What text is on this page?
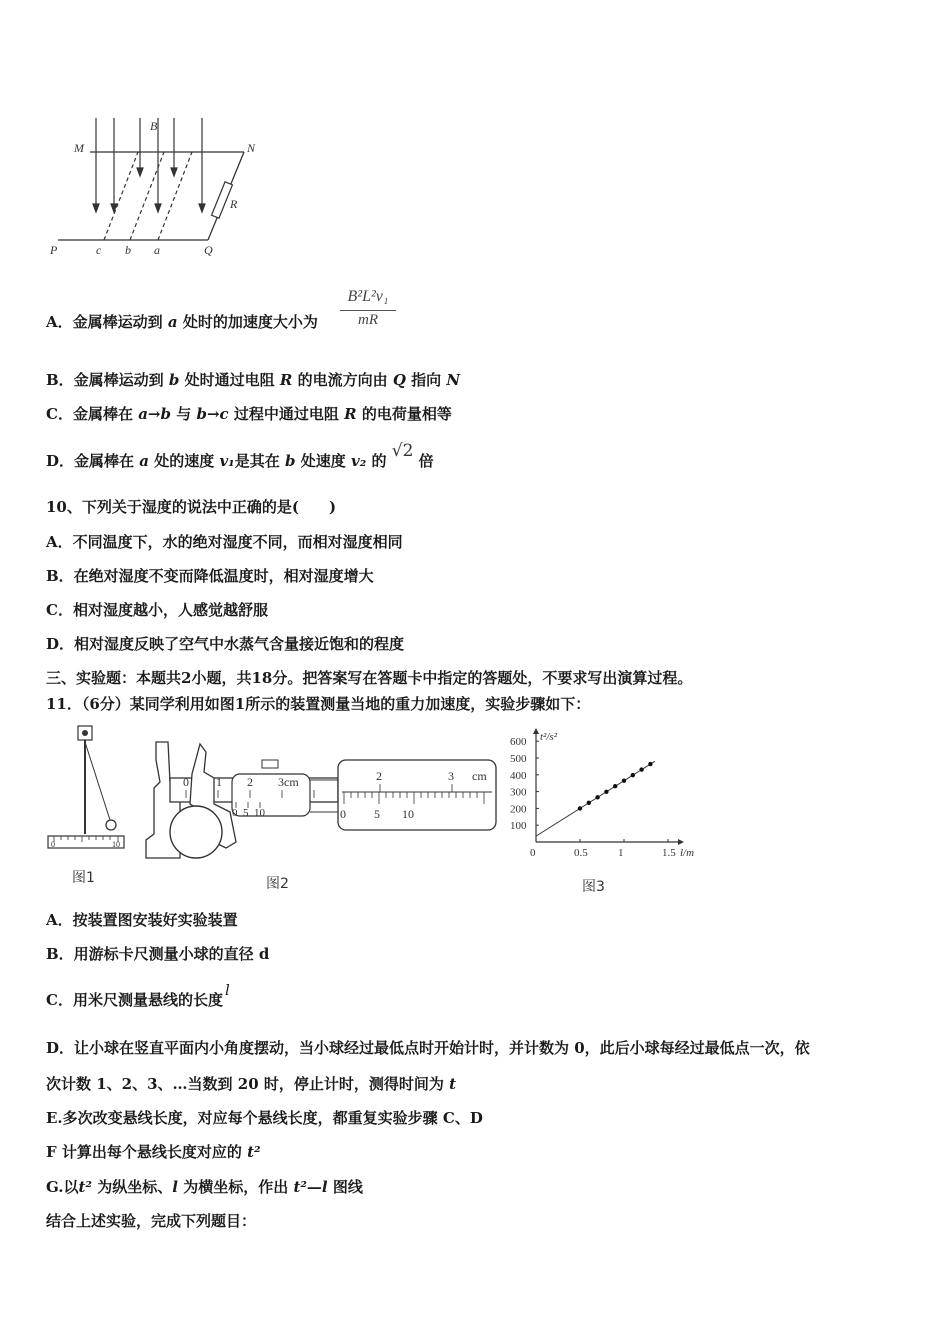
M	N
B
R
P	c b a	Q
A．金属棒运动到 a 处时的加速度大小为
B²L²v₁
mR
B．金属棒运动到 b 处时通过电阻 R 的电流方向由 Q 指向 N
C．金属棒在 a→b 与 b→c 过程中通过电阻 R 的电荷量相等
D．金属棒在 a 处的速度 v₁是其在 b 处速度 v₂ 的 √2 倍
10、下列关于湿度的说法中正确的是(　　)
A．不同温度下，水的绝对湿度不同，而相对湿度相同
B．在绝对湿度不变而降低温度时，相对湿度增大
C．相对湿度越小，人感觉越舒服
D．相对湿度反映了空气中水蒸气含量接近饱和的程度
三、实验题：本题共2小题，共18分。把答案写在答题卡中指定的答题处，不要求写出演算过程。
11．（6分）某同学利用如图1所示的装置测量当地的重力加速度，实验步骤如下：
0	10
图1
0 1 2 3cm
0 5 10
2	3 cm
0 5 10
图2
t²/s²
l/m
0	0.5	1	1.5
100
200
300
400
500
600
图3
A．按装置图安装好实验装置
B．用游标卡尺测量小球的直径 d
C．用米尺测量悬线的长度l
D．让小球在竖直平面内小角度摆动，当小球经过最低点时开始计时，并计数为 0，此后小球每经过最低点一次，依
次计数 1、2、3、…当数到 20 时，停止计时，测得时间为 t
E.多次改变悬线长度，对应每个悬线长度，都重复实验步骤 C、D
F 计算出每个悬线长度对应的 t²
G.以t² 为纵坐标、l 为横坐标，作出 t²—l 图线
结合上述实验，完成下列题目：
